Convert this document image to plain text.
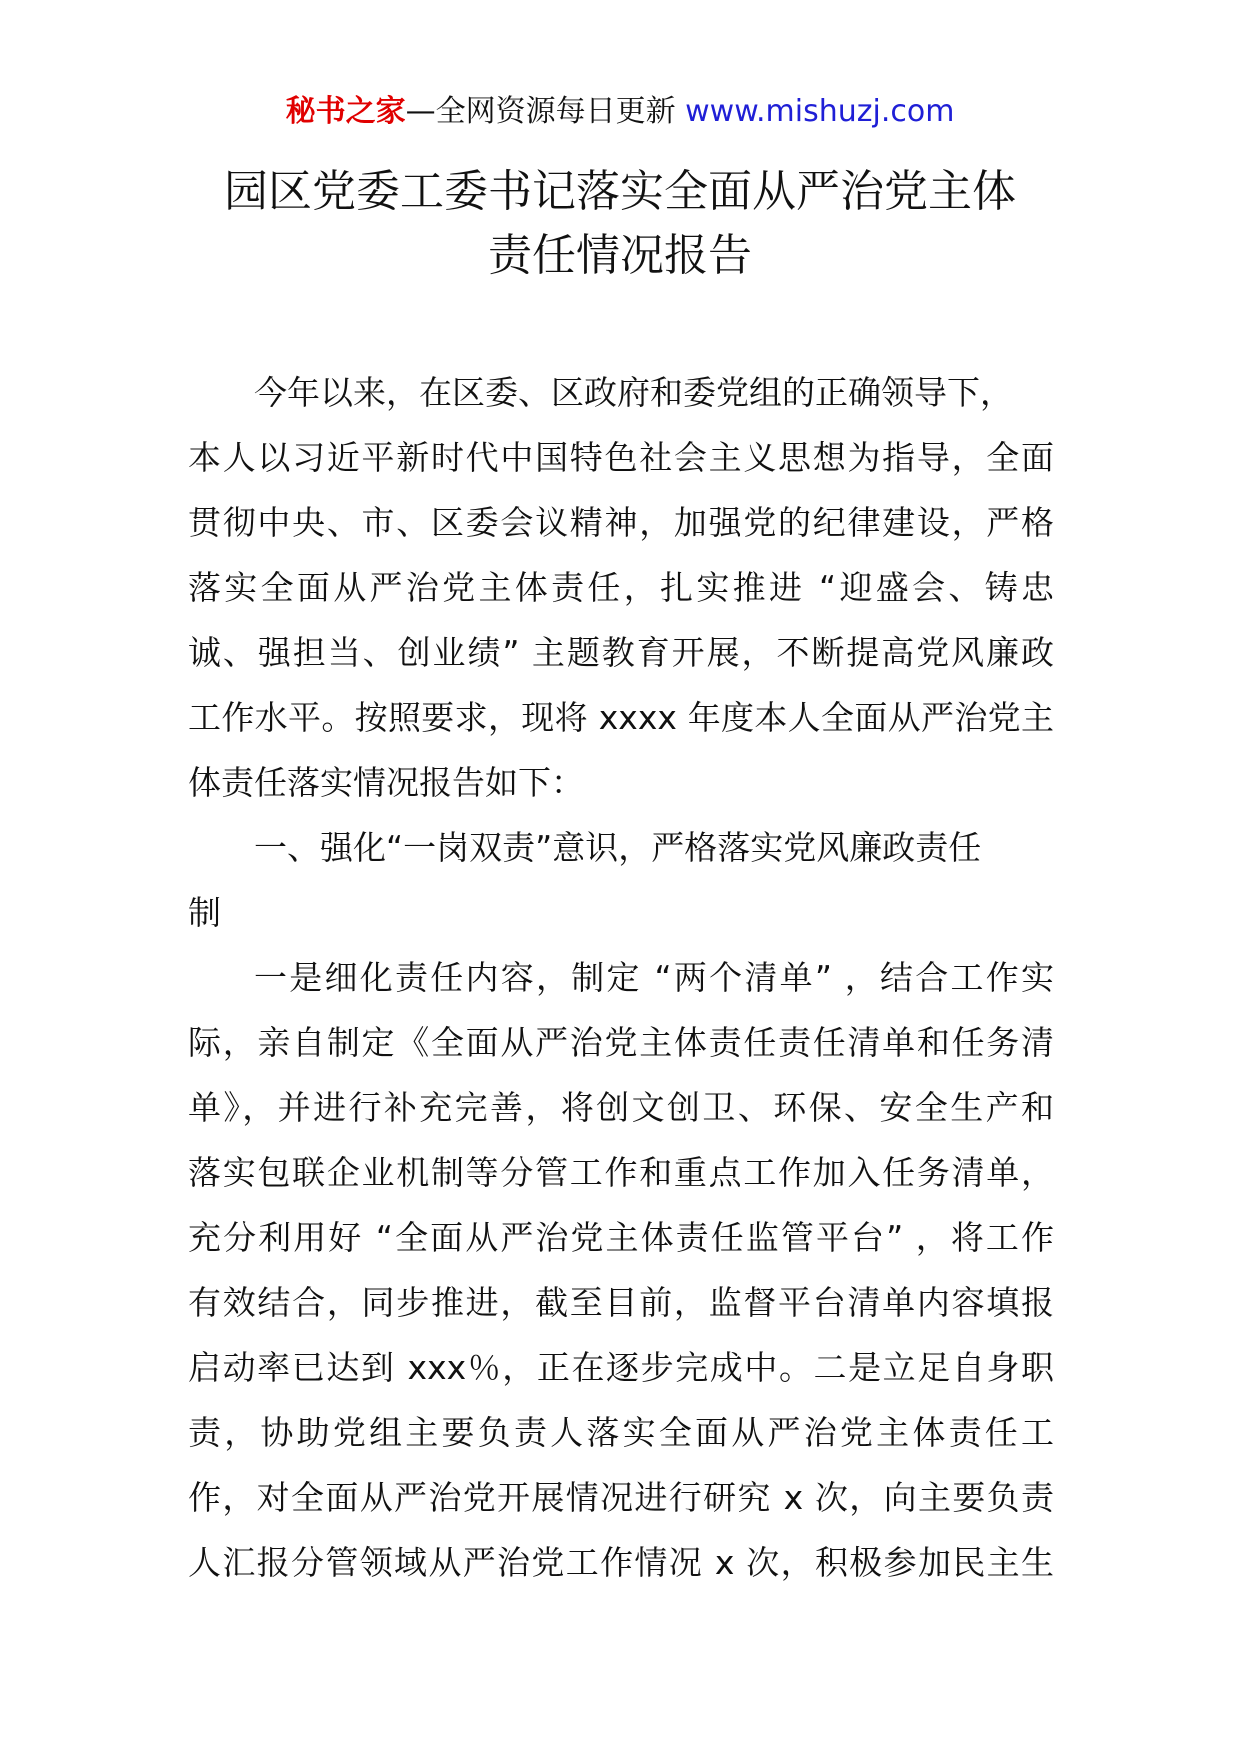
秘书之家—全网资源每日更新 www.mishuzj.com
园区党委工委书记落实全面从严治党主体
责任情况报告
今年以来，在区委、区政府和委党组的正确领导下，
本人以习近平新时代中国特色社会主义思想为指导，全面
贯彻中央、市、区委会议精神，加强党的纪律建设，严格
落实全面从严治党主体责任，扎实推进 “迎盛会、铸忠
诚、强担当、创业绩” 主题教育开展，不断提高党风廉政
工作水平。按照要求，现将 xxxx 年度本人全面从严治党主
体责任落实情况报告如下：
一、强化“一岗双责”意识，严格落实党风廉政责任
制
一是细化责任内容，制定 “两个清单” ，结合工作实
际，亲自制定《全面从严治党主体责任责任清单和任务清
单》，并进行补充完善，将创文创卫、环保、安全生产和
落实包联企业机制等分管工作和重点工作加入任务清单，
充分利用好 “全面从严治党主体责任监管平台” ，将工作
有效结合，同步推进，截至目前，监督平台清单内容填报
启动率已达到 xxx％，正在逐步完成中。二是立足自身职
责，协助党组主要负责人落实全面从严治党主体责任工
作，对全面从严治党开展情况进行研究 x 次，向主要负责
人汇报分管领域从严治党工作情况 x 次，积极参加民主生
